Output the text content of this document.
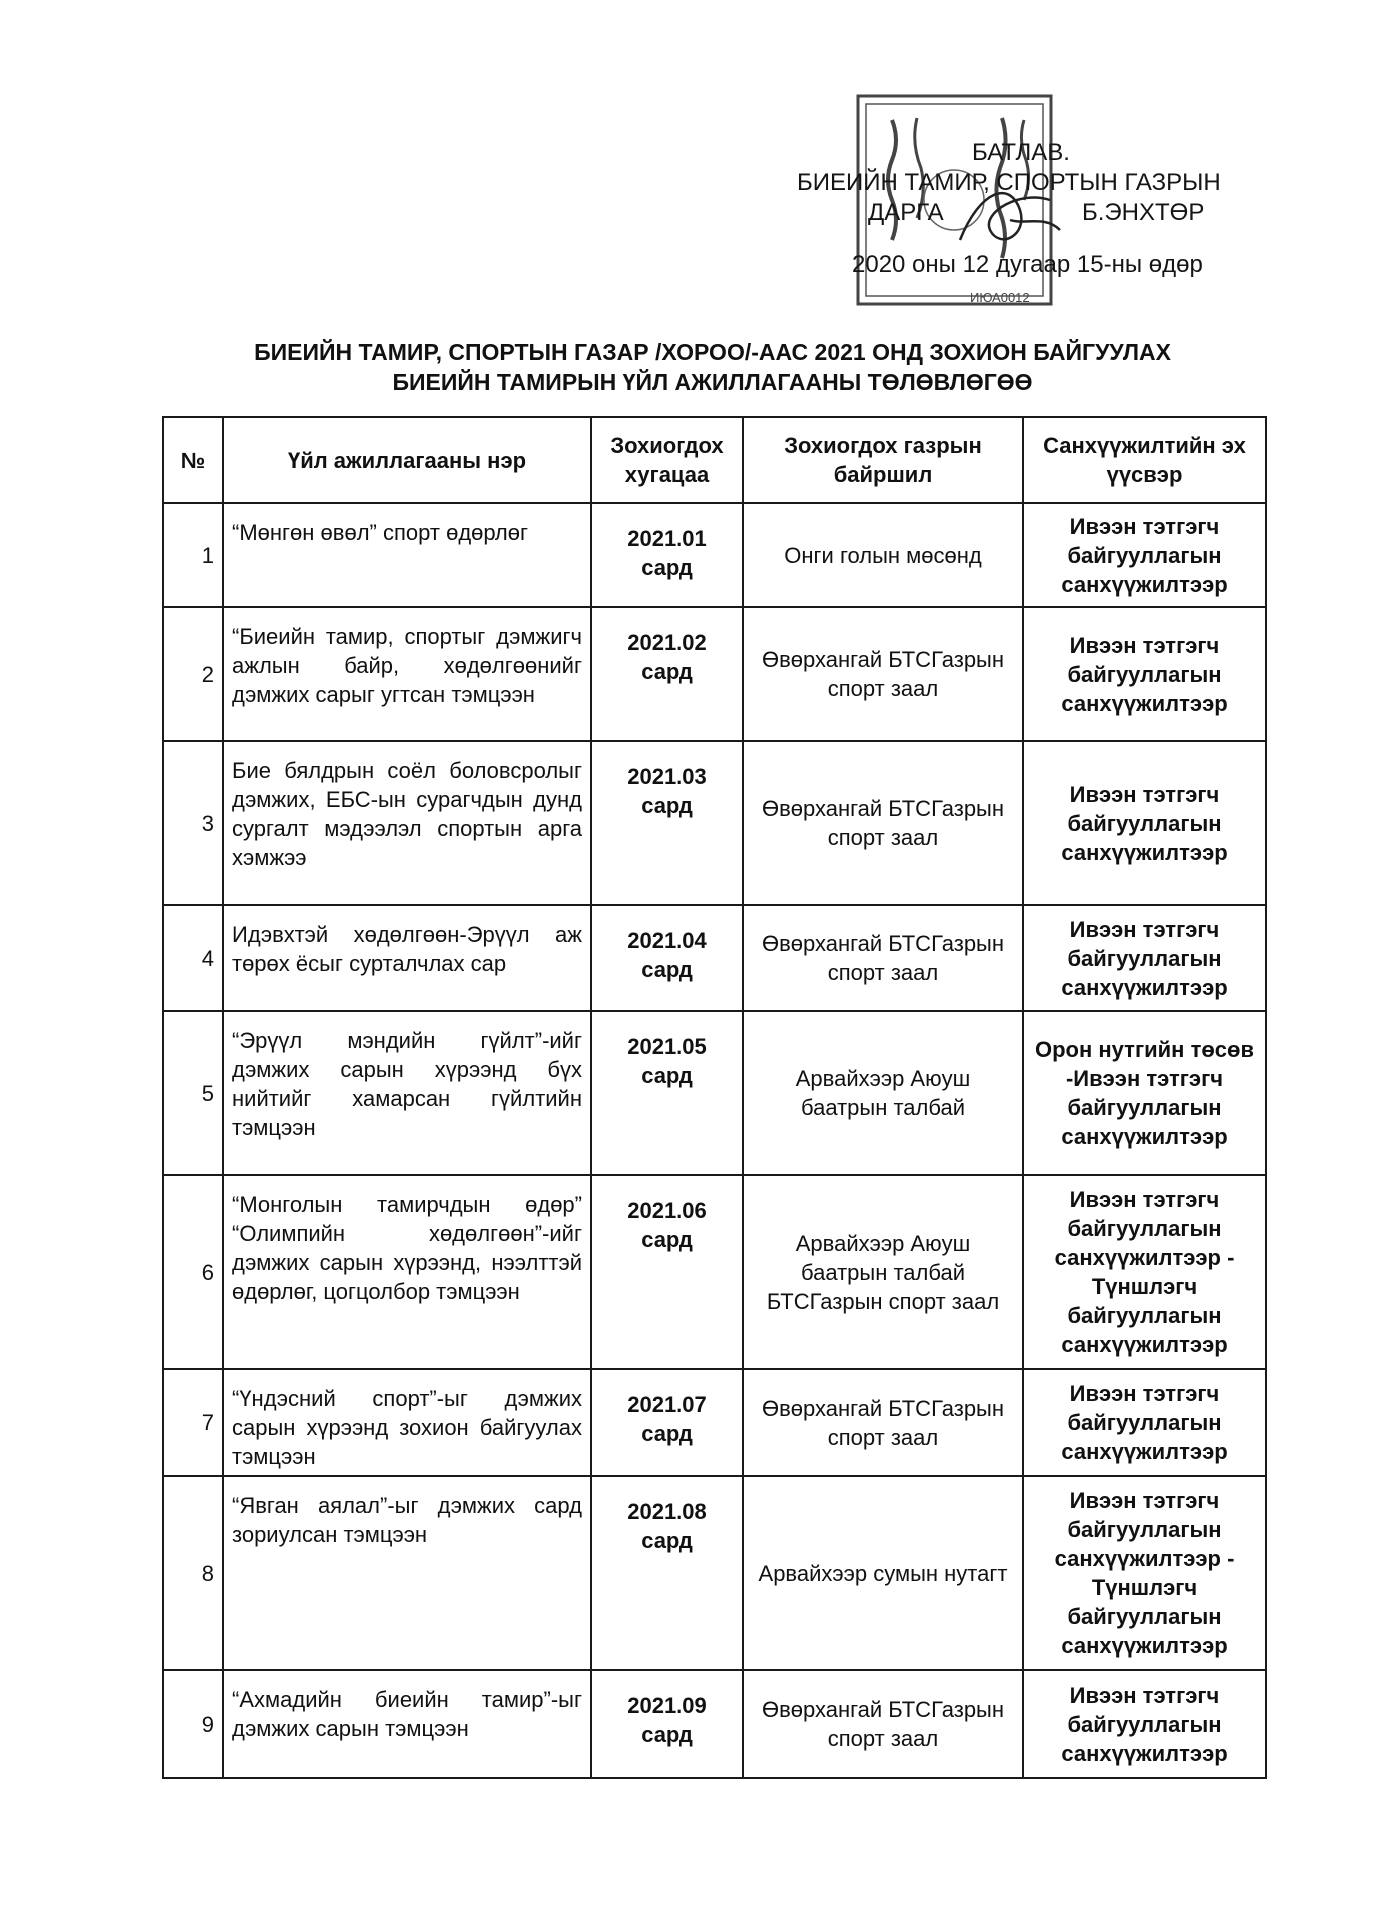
ИЮА0012
БАТЛАВ.
БИЕИЙН ТАМИР, СПОРТЫН ГАЗРЫН
ДАРГА	Б.ЭНХТӨР
2020 оны 12 дугаар 15-ны өдөр
БИЕИЙН ТАМИР, СПОРТЫН ГАЗАР /ХОРОО/-ААС 2021 ОНД ЗОХИОН БАЙГУУЛАХ
БИЕИЙН ТАМИРЫН ҮЙЛ АЖИЛЛАГААНЫ ТӨЛӨВЛӨГӨӨ
№	Үйл ажиллагааны нэр	Зохиогдох хугацаа	Зохиогдох газрын байршил	Санхүүжилтийн эх үүсвэр
1	“Мөнгөн өвөл” спорт өдөрлөг	2021.01 сард	Онги голын мөсөнд	Ивээн тэтгэгч байгууллагын санхүүжилтээр
2	“Биеийн тамир, спортыг дэмжигч ажлын байр, хөдөлгөөнийг дэмжих сарыг угтсан тэмцээн	2021.02 сард	Өвөрхангай БТСГазрын спорт заал	Ивээн тэтгэгч байгууллагын санхүүжилтээр
3	Бие бялдрын соёл боловсролыг дэмжих, ЕБС-ын сурагчдын дунд сургалт мэдээлэл спортын арга хэмжээ	2021.03 сард	Өвөрхангай БТСГазрын спорт заал	Ивээн тэтгэгч байгууллагын санхүүжилтээр
4	Идэвхтэй хөдөлгөөн-Эрүүл аж төрөх ёсыг сурталчлах сар	2021.04 сард	Өвөрхангай БТСГазрын спорт заал	Ивээн тэтгэгч байгууллагын санхүүжилтээр
5	“Эрүүл мэндийн гүйлт”-ийг дэмжих сарын хүрээнд бүх нийтийг хамарсан гүйлтийн тэмцээн	2021.05 сард	Арвайхээр Аюуш баатрын талбай	Орон нутгийн төсөв -Ивээн тэтгэгч байгууллагын санхүүжилтээр
6	“Монголын тамирчдын өдөр” “Олимпийн хөдөлгөөн”-ийг дэмжих сарын хүрээнд, нээлттэй өдөрлөг, цогцолбор тэмцээн	2021.06 сард	Арвайхээр Аюуш баатрын талбай БТСГазрын спорт заал	Ивээн тэтгэгч байгууллагын санхүүжилтээр - Түншлэгч байгууллагын санхүүжилтээр
7	“Үндэсний спорт”-ыг дэмжих сарын хүрээнд зохион байгуулах тэмцээн	2021.07 сард	Өвөрхангай БТСГазрын спорт заал	Ивээн тэтгэгч байгууллагын санхүүжилтээр
8	“Явган аялал”-ыг дэмжих сард зориулсан тэмцээн	2021.08 сард	Арвайхээр сумын нутагт	Ивээн тэтгэгч байгууллагын санхүүжилтээр - Түншлэгч байгууллагын санхүүжилтээр
9	“Ахмадийн биеийн тамир”-ыг дэмжих сарын тэмцээн	2021.09 сард	Өвөрхангай БТСГазрын спорт заал	Ивээн тэтгэгч байгууллагын санхүүжилтээр
